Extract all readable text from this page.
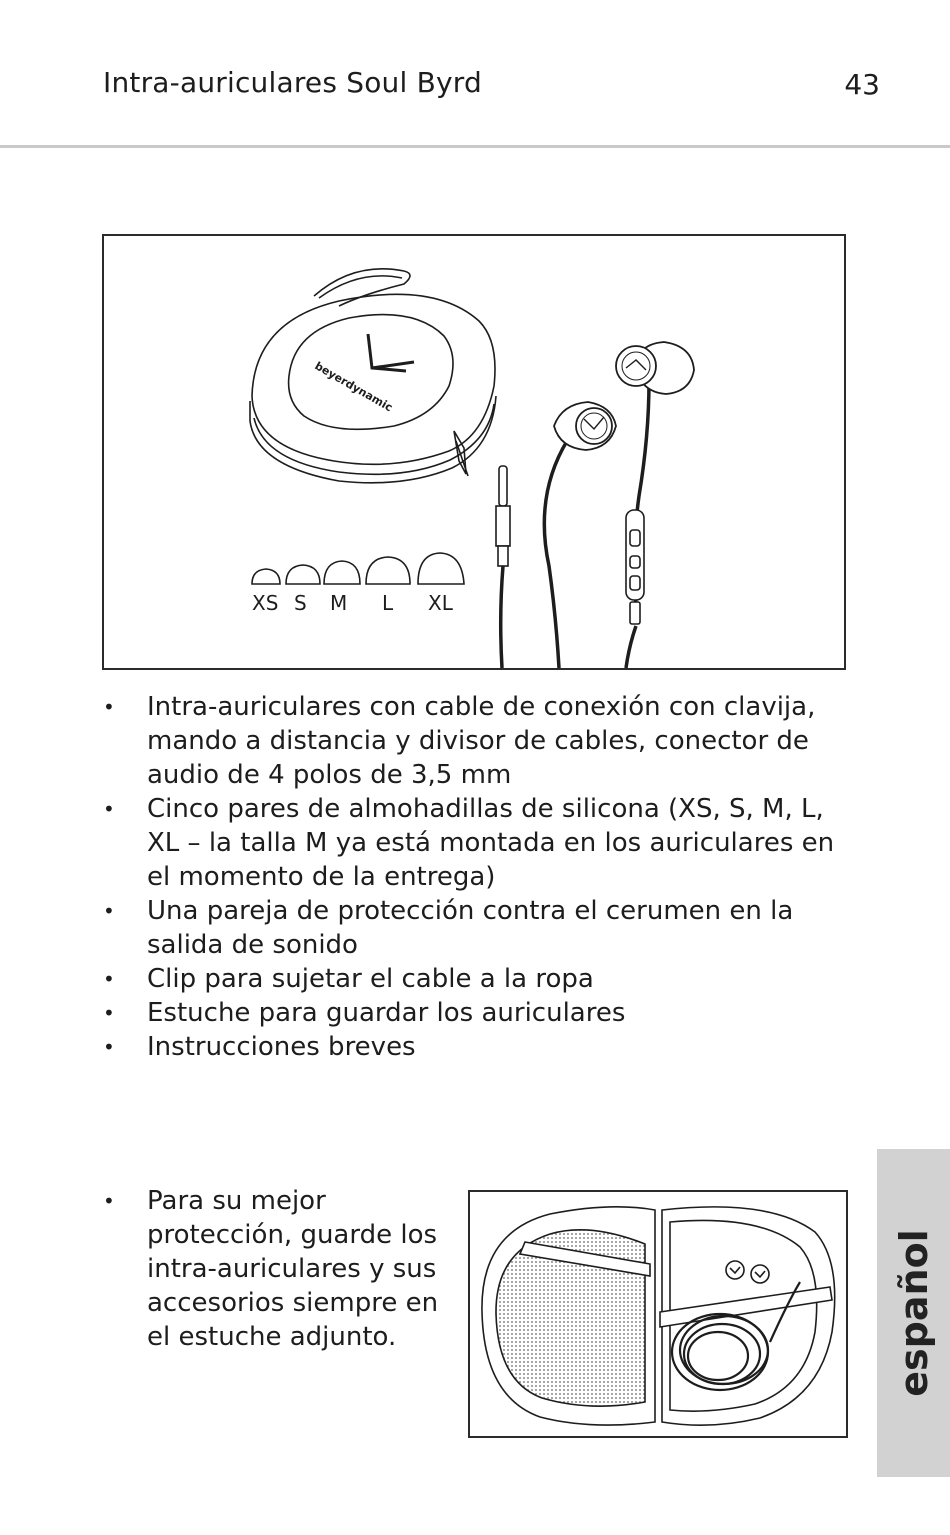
Intra-auriculares Soul Byrd	43
beyerdynamic
XS S M L XL
• Intra-auriculares con cable de conexión con clavija, mando a distancia y divisor de cables, conector de audio de 4 polos de 3,5 mm
• Cinco pares de almohadillas de silicona (XS, S, M, L, XL – la talla M ya está montada en los auriculares en el momento de la entrega)
• Una pareja de protección contra el cerumen en la salida de sonido
• Clip para sujetar el cable a la ropa
• Estuche para guardar los auriculares
• Instrucciones breves
• Para su mejor protección, guarde los intra-auriculares y sus accesorios siempre en el estuche adjunto.	español
